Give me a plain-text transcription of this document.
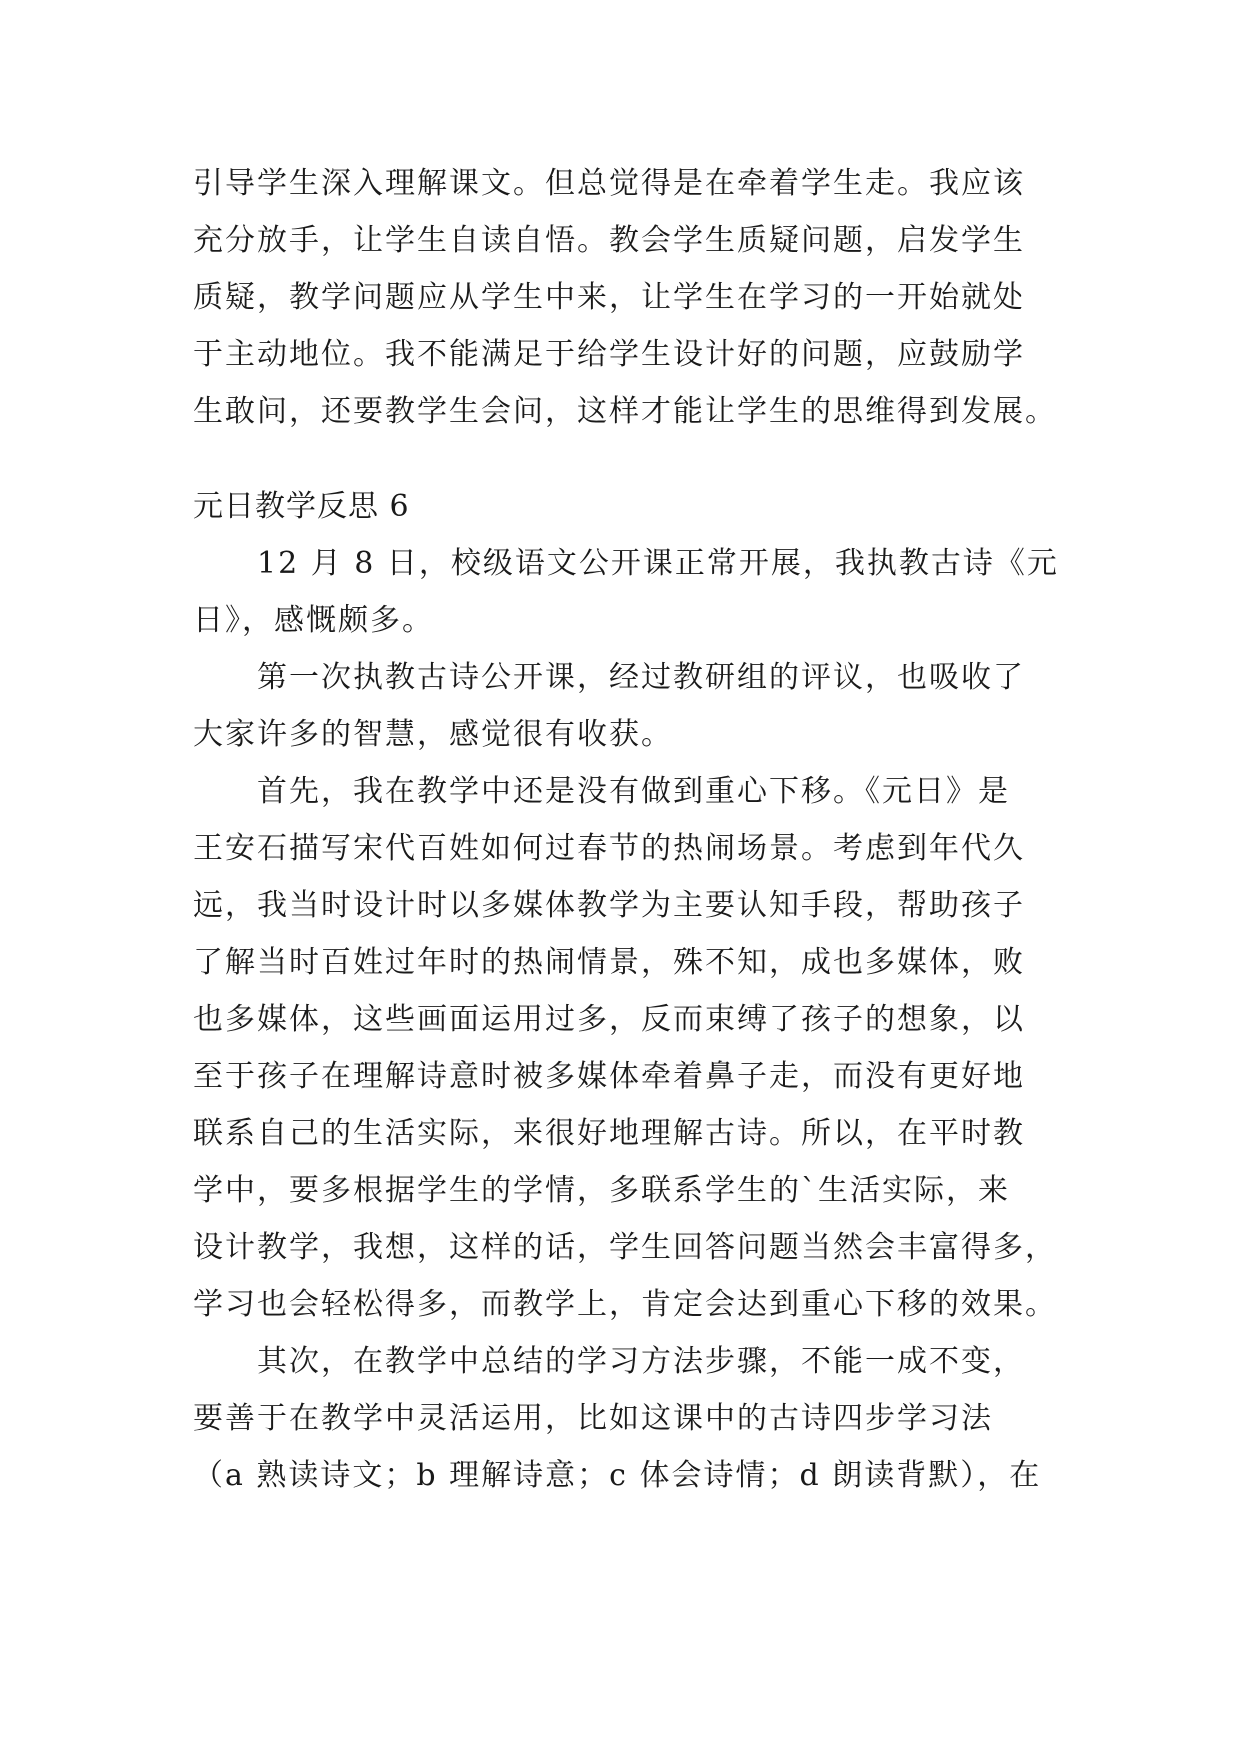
引导学生深入理解课文。但总觉得是在牵着学生走。我应该
充分放手，让学生自读自悟。教会学生质疑问题，启发学生
质疑，教学问题应从学生中来，让学生在学习的一开始就处
于主动地位。我不能满足于给学生设计好的问题，应鼓励学
生敢问，还要教学生会问，这样才能让学生的思维得到发展。
元日教学反思 6
12 月 8 日，校级语文公开课正常开展，我执教古诗《元
日》，感慨颇多。
第一次执教古诗公开课，经过教研组的评议，也吸收了
大家许多的智慧，感觉很有收获。
首先，我在教学中还是没有做到重心下移。《元日》是
王安石描写宋代百姓如何过春节的热闹场景。考虑到年代久
远，我当时设计时以多媒体教学为主要认知手段，帮助孩子
了解当时百姓过年时的热闹情景，殊不知，成也多媒体，败
也多媒体，这些画面运用过多，反而束缚了孩子的想象，以
至于孩子在理解诗意时被多媒体牵着鼻子走，而没有更好地
联系自己的生活实际，来很好地理解古诗。所以，在平时教
学中，要多根据学生的学情，多联系学生的`生活实际，来
设计教学，我想，这样的话，学生回答问题当然会丰富得多，
学习也会轻松得多，而教学上，肯定会达到重心下移的效果。
其次，在教学中总结的学习方法步骤，不能一成不变，
要善于在教学中灵活运用，比如这课中的古诗四步学习法
（a 熟读诗文；b 理解诗意；c 体会诗情；d 朗读背默），在
